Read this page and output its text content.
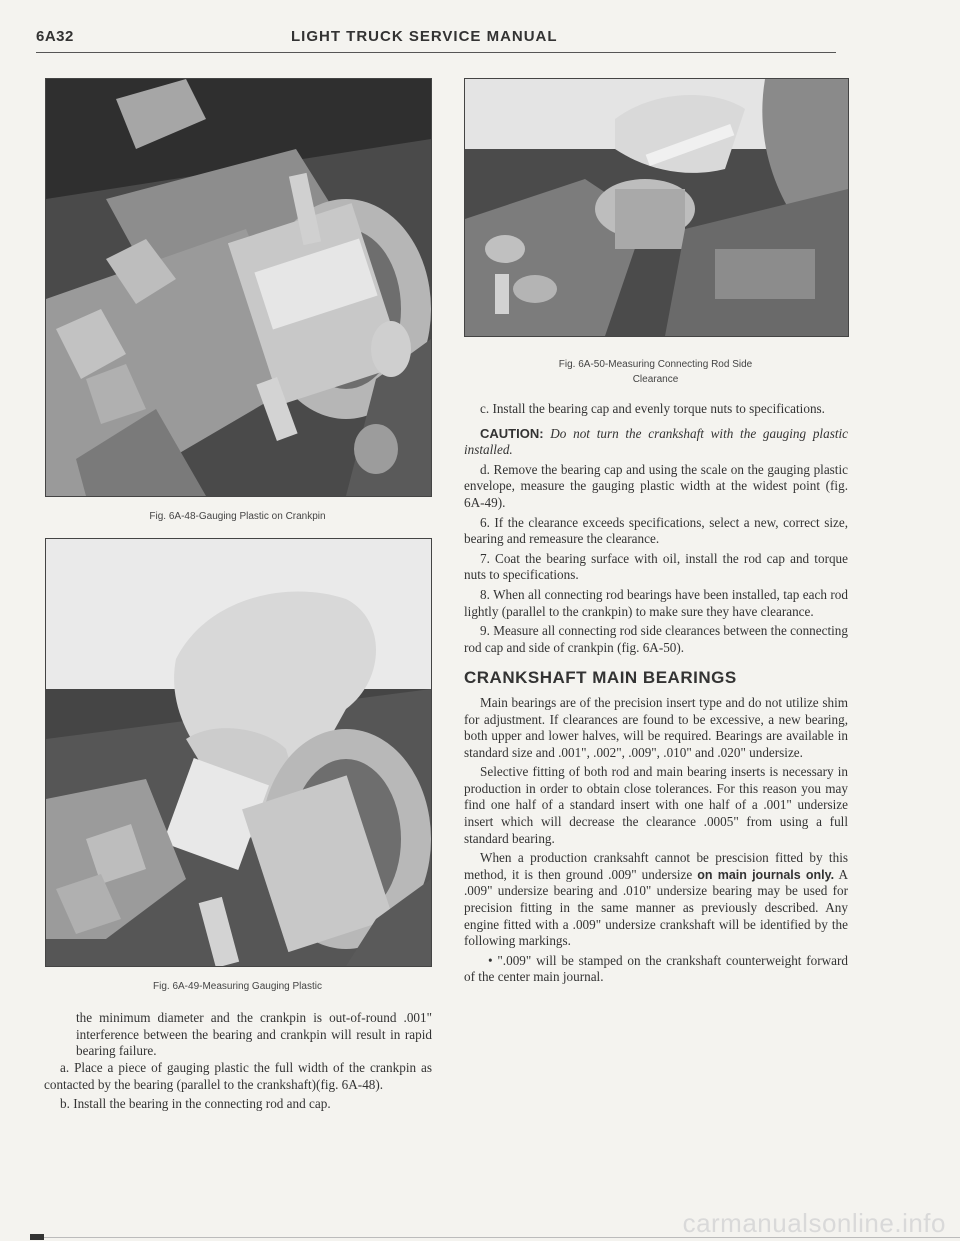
6A32	LIGHT TRUCK SERVICE MANUAL
Fig. 6A-48-Gauging Plastic on Crankpin
Fig. 6A-49-Measuring Gauging Plastic

the minimum diameter and the crankpin is out-of-round .001" interference between the bearing and crankpin will result in rapid bearing failure.

a. Place a piece of gauging plastic the full width of the crankpin as contacted by the bearing (parallel to the crankshaft)(fig. 6A-48).

b. Install the bearing in the connecting rod and cap.

Fig. 6A-50-Measuring Connecting Rod Side
Clearance

c. Install the bearing cap and evenly torque nuts to specifications.

CAUTION: Do not turn the crankshaft with the gauging plastic installed.

d. Remove the bearing cap and using the scale on the gauging plastic envelope, measure the gauging plastic width at the widest point (fig. 6A-49).

6. If the clearance exceeds specifications, select a new, correct size, bearing and remeasure the clearance.

7. Coat the bearing surface with oil, install the rod cap and torque nuts to specifications.

8. When all connecting rod bearings have been installed, tap each rod lightly (parallel to the crankpin) to make sure they have clearance.

9. Measure all connecting rod side clearances between the connecting rod cap and side of crankpin (fig. 6A-50).

CRANKSHAFT MAIN BEARINGS

Main bearings are of the precision insert type and do not utilize shim for adjustment. If clearances are found to be excessive, a new bearing, both upper and lower halves, will be required. Bearings are available in standard size and .001", .002", .009", .010" and .020" undersize.

Selective fitting of both rod and main bearing inserts is necessary in production in order to obtain close tolerances. For this reason you may find one half of a standard insert with one half of a .001" undersize insert which will decrease the clearance .0005" from using a full standard bearing.

When a production cranksahft cannot be prescision fitted by this method, it is then ground .009" undersize on main journals only. A .009" undersize bearing and .010" undersize bearing may be used for precision fitting in the same manner as previously described. Any engine fitted with a .009" undersize crankshaft will be identified by the following markings.

• ".009" will be stamped on the crankshaft counterweight forward of the center main journal.

carmanualsonline.info
